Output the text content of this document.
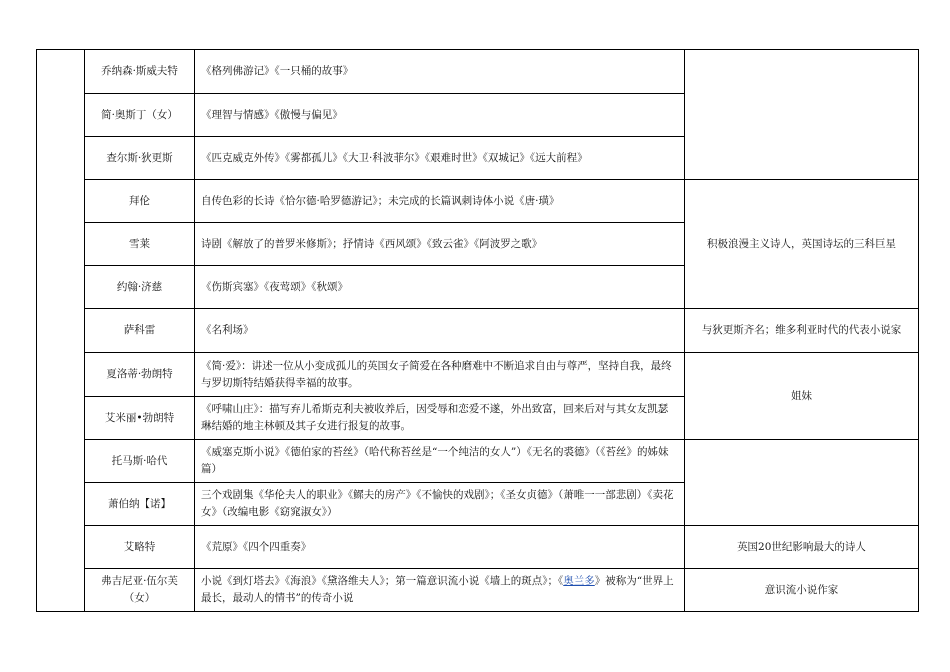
	乔纳森·斯威夫特	《格列佛游记》《一只桶的故事》	
	简·奥斯丁（女）	《理智与情感》《傲慢与偏见》	
	查尔斯·狄更斯	《匹克威克外传》《雾都孤儿》《大卫·科波菲尔》《艰难时世》《双城记》《远大前程》	
	拜伦	自传色彩的长诗《恰尔德·哈罗德游记》；未完成的长篇讽刺诗体小说《唐·璜》	积极浪漫主义诗人，英国诗坛的三科巨星
	雪莱	诗剧《解放了的普罗米修斯》；抒情诗《西风颂》《致云雀》《阿波罗之歌》	
	约翰·济慈	《伤斯宾塞》《夜莺颂》《秋颂》	
	萨科雷	《名利场》	与狄更斯齐名；维多利亚时代的代表小说家
	夏洛蒂·勃朗特	《简·爱》：讲述一位从小变成孤儿的英国女子简爱在各种磨难中不断追求自由与尊严，坚持自我，最终与罗切斯特结婚获得幸福的故事。	姐妹
	艾米丽•勃朗特	《呼啸山庄》：描写弃儿希斯克利夫被收养后，因受辱和恋爱不遂，外出致富，回来后对与其女友凯瑟琳结婚的地主林顿及其子女进行报复的故事。	
	托马斯·哈代	《威塞克斯小说》《德伯家的苔丝》（哈代称苔丝是“一个纯洁的女人”）《无名的裘德》（《苔丝》的姊妹篇）	
	萧伯纳【诺】	三个戏剧集《华伦夫人的职业》《鳏夫的房产》《不愉快的戏剧》；《圣女贞德》（萧唯一一部悲剧）《卖花女》（改编电影《窈窕淑女》）	
	艾略特	《荒原》《四个四重奏》	英国20世纪影响最大的诗人
	弗吉尼亚·伍尔芙（女）	小说《到灯塔去》《海浪》《黛洛维夫人》；第一篇意识流小说《墙上的斑点》；《奥兰多》被称为“世界上最长，最动人的情书”的传奇小说	意识流小说作家
